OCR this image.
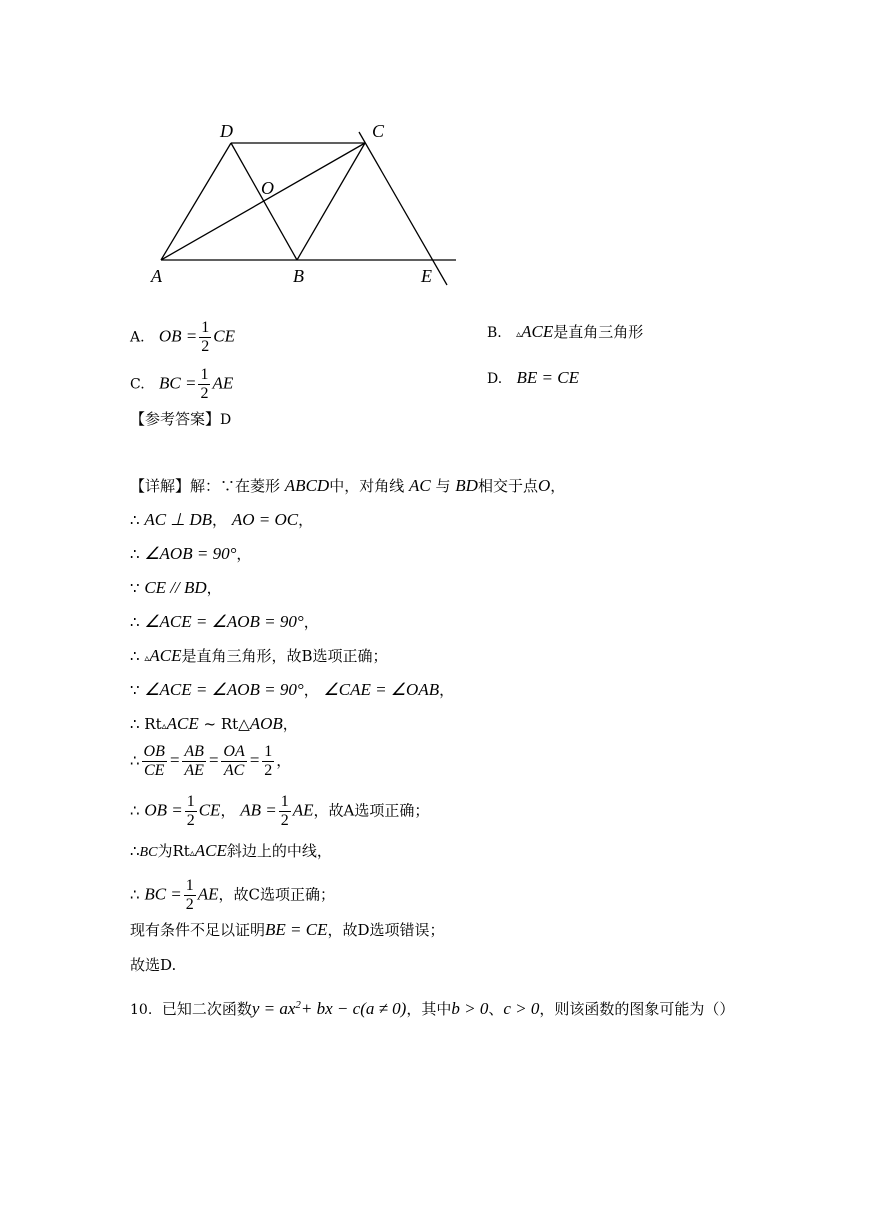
D	C
O
A	B	E
A. OB = $\frac{1}{2}$ CE	B. ▵ACE是直角三角形
C. BC = $\frac{1}{2}$ AE	D. BE = CE
【参考答案】D
【详解】解：∵在菱形 ABCD中，对角线 AC 与 BD相交于点O，
∴ AC ⊥ DB， AO = OC，
∴ ∠AOB = 90°，
∵ CE // BD，
∴ ∠ACE = ∠AOB = 90°，
∴ ▵ACE是直角三角形，故B选项正确；
∵ ∠ACE = ∠AOB = 90°， ∠CAE = ∠OAB，
∴ Rt▵ACE ~ Rt△AOB，
∴ $\frac{OB}{CE} = \frac{AB}{AE} = \frac{OA}{AC} = \frac{1}{2}$ ，
∴ OB = $\frac{1}{2}$ CE， AB = $\frac{1}{2}$ AE，故A选项正确；
∴BC为Rt▵ACE斜边上的中线，
∴ BC = $\frac{1}{2}$ AE，故C选项正确；
现有条件不足以证明BE = CE，故D选项错误；
故选D.
10. 已知二次函数$y = ax^2+$ bx − c(a ≠ 0)，其中b > 0、c > 0，则该函数的图象可能为（）
